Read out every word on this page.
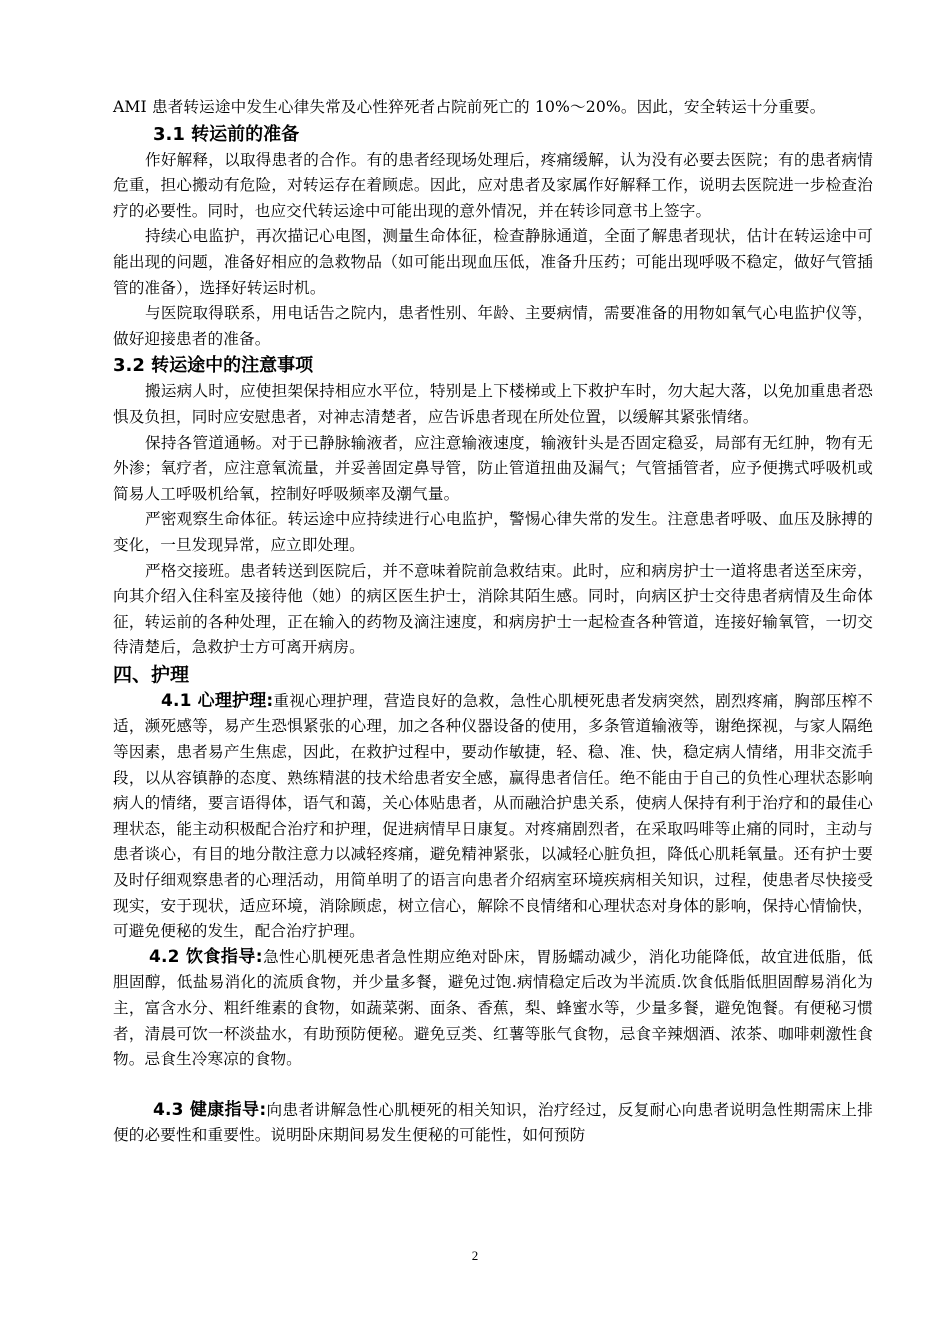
AMI 患者转运途中发生心律失常及心性猝死者占院前死亡的 10%～20%。因此，安全转运十分重要。

3.1 转运前的准备

作好解释，以取得患者的合作。有的患者经现场处理后，疼痛缓解，认为没有必要去医院；有的患者病情危重，担心搬动有危险，对转运存在着顾虑。因此，应对患者及家属作好解释工作，说明去医院进一步检查治疗的必要性。同时，也应交代转运途中可能出现的意外情况，并在转诊同意书上签字。

持续心电监护，再次描记心电图，测量生命体征，检查静脉通道，全面了解患者现状，估计在转运途中可能出现的问题，准备好相应的急救物品（如可能出现血压低，准备升压药；可能出现呼吸不稳定，做好气管插管的准备），选择好转运时机。

与医院取得联系，用电话告之院内，患者性别、年龄、主要病情，需要准备的用物如氧气心电监护仪等，做好迎接患者的准备。

3.2 转运途中的注意事项

搬运病人时，应使担架保持相应水平位，特别是上下楼梯或上下救护车时，勿大起大落，以免加重患者恐惧及负担，同时应安慰患者，对神志清楚者，应告诉患者现在所处位置，以缓解其紧张情绪。

保持各管道通畅。对于已静脉输液者，应注意输液速度，输液针头是否固定稳妥，局部有无红肿，物有无外渗；氧疗者，应注意氧流量，并妥善固定鼻导管，防止管道扭曲及漏气；气管插管者，应予便携式呼吸机或简易人工呼吸机给氧，控制好呼吸频率及潮气量。

严密观察生命体征。转运途中应持续进行心电监护，警惕心律失常的发生。注意患者呼吸、血压及脉搏的变化，一旦发现异常，应立即处理。

严格交接班。患者转送到医院后，并不意味着院前急救结束。此时，应和病房护士一道将患者送至床旁，向其介绍入住科室及接待他（她）的病区医生护士，消除其陌生感。同时，向病区护士交待患者病情及生命体征，转运前的各种处理，正在输入的药物及滴注速度，和病房护士一起检查各种管道，连接好输氧管，一切交待清楚后，急救护士方可离开病房。

四、护理

4.1 心理护理:重视心理护理，营造良好的急救，急性心肌梗死患者发病突然，剧烈疼痛，胸部压榨不适，濒死感等，易产生恐惧紧张的心理，加之各种仪器设备的使用，多条管道输液等，谢绝探视，与家人隔绝等因素，患者易产生焦虑，因此，在救护过程中，要动作敏捷，轻、稳、准、快，稳定病人情绪，用非交流手段，以从容镇静的态度、熟练精湛的技术给患者安全感，赢得患者信任。绝不能由于自己的负性心理状态影响病人的情绪，要言语得体，语气和蔼，关心体贴患者，从而融洽护患关系，使病人保持有利于治疗和的最佳心理状态，能主动积极配合治疗和护理，促进病情早日康复。对疼痛剧烈者，在采取吗啡等止痛的同时，主动与患者谈心，有目的地分散注意力以减轻疼痛，避免精神紧张，以减轻心脏负担，降低心肌耗氧量。还有护士要及时仔细观察患者的心理活动，用简单明了的语言向患者介绍病室环境疾病相关知识，过程，使患者尽快接受现实，安于现状，适应环境，消除顾虑，树立信心，解除不良情绪和心理状态对身体的影响，保持心情愉快，可避免便秘的发生，配合治疗护理。

4.2 饮食指导:急性心肌梗死患者急性期应绝对卧床，胃肠蠕动减少，消化功能降低，故宜进低脂，低胆固醇，低盐易消化的流质食物，并少量多餐，避免过饱.病情稳定后改为半流质.饮食低脂低胆固醇易消化为主，富含水分、粗纤维素的食物，如蔬菜粥、面条、香蕉，梨、蜂蜜水等，少量多餐，避免饱餐。有便秘习惯者，清晨可饮一杯淡盐水，有助预防便秘。避免豆类、红薯等胀气食物，忌食辛辣烟酒、浓茶、咖啡刺激性食物。忌食生冷寒凉的食物。

4.3 健康指导:向患者讲解急性心肌梗死的相关知识，治疗经过，反复耐心向患者说明急性期需床上排便的必要性和重要性。说明卧床期间易发生便秘的可能性，如何预防

2
